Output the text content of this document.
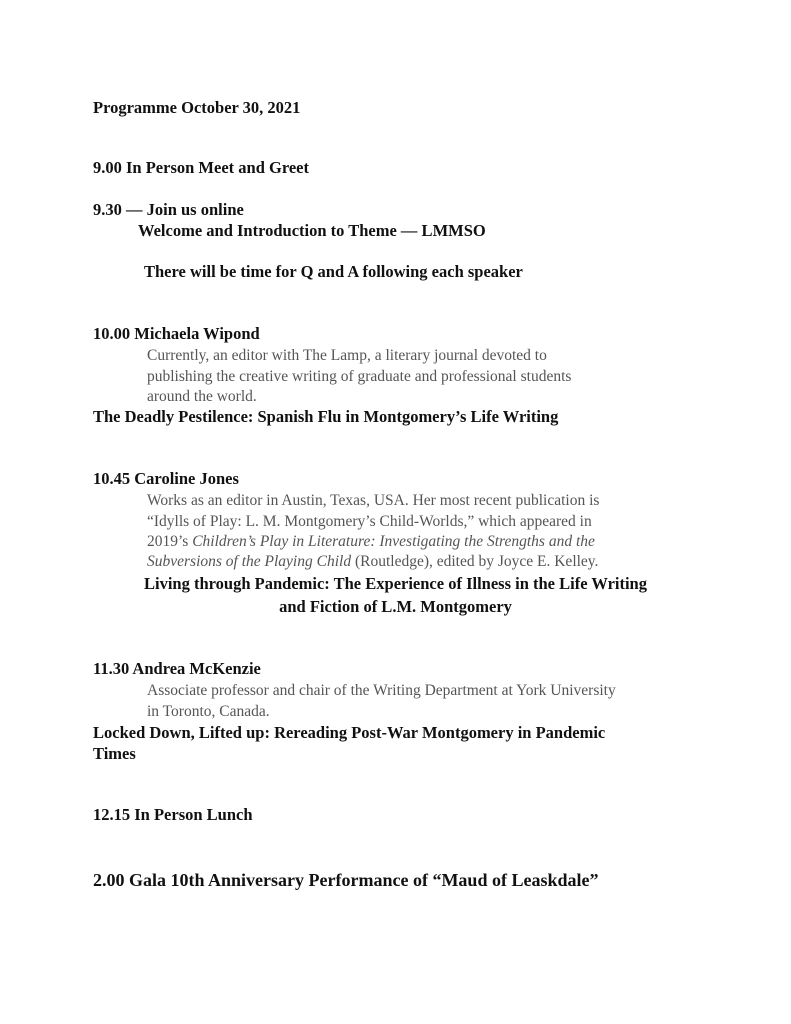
Programme October 30, 2021
9.00 In Person Meet and Greet
9.30 — Join us online
Welcome and Introduction to Theme — LMMSO
There will be time for Q and A following each speaker
10.00 Michaela Wipond
Currently, an editor with The Lamp, a literary journal devoted to
publishing the creative writing of graduate and professional students
around the world.
The Deadly Pestilence: Spanish Flu in Montgomery’s Life Writing
10.45 Caroline Jones
Works as an editor in Austin, Texas, USA. Her most recent publication is
“Idylls of Play: L. M. Montgomery’s Child-Worlds,” which appeared in
2019’s Children’s Play in Literature: Investigating the Strengths and the
Subversions of the Playing Child (Routledge), edited by Joyce E. Kelley.
Living through Pandemic: The Experience of Illness in the Life Writing
and Fiction of L.M. Montgomery
11.30 Andrea McKenzie
Associate professor and chair of the Writing Department at York University
in Toronto, Canada.
Locked Down, Lifted up: Rereading Post-War Montgomery in Pandemic
Times
12.15 In Person Lunch
2.00 Gala 10th Anniversary Performance of “Maud of Leaskdale”
